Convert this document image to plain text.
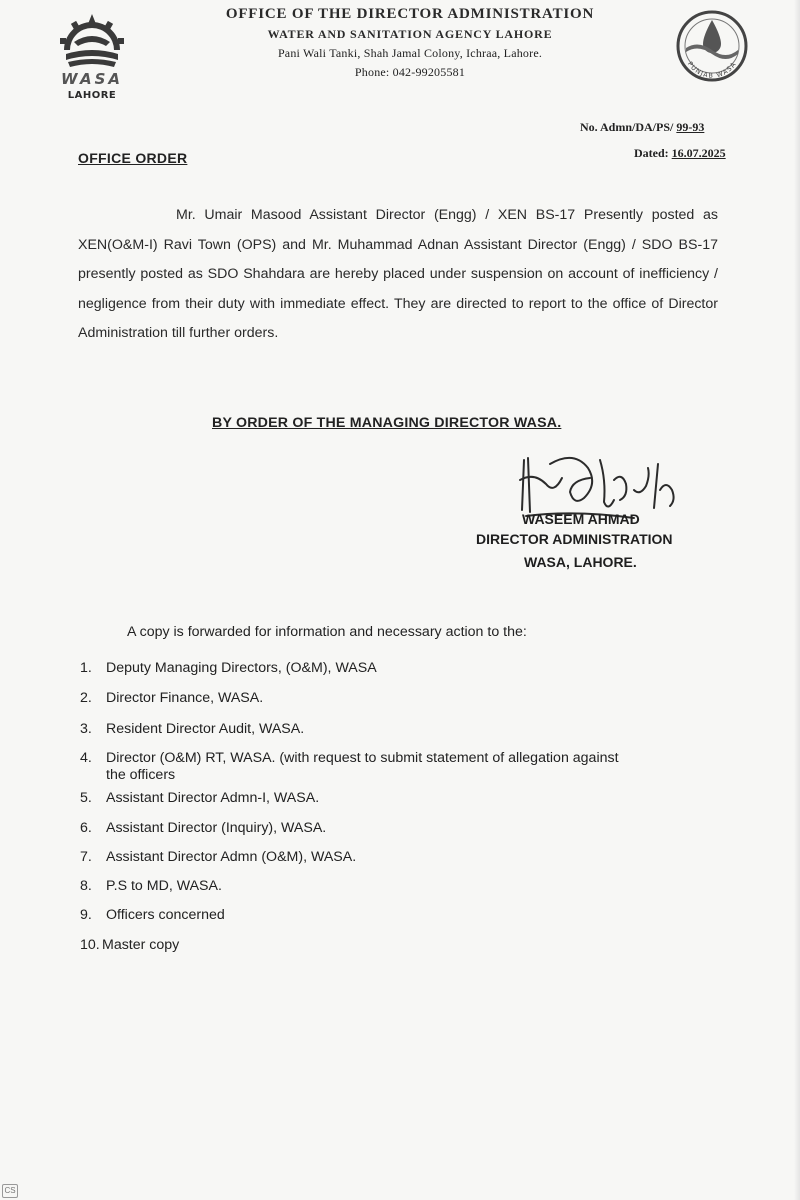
WASA
LAHORE
PUNJAB WASA
OFFICE OF THE DIRECTOR ADMINISTRATION
WATER AND SANITATION AGENCY LAHORE
Pani Wali Tanki, Shah Jamal Colony, Ichraa, Lahore.
Phone: 042-99205581
No. Admn/DA/PS/ 99-93
Dated: 16.07.2025
OFFICE ORDER

Mr. Umair Masood Assistant Director (Engg) / XEN BS-17 Presently posted as XEN(O&M-I) Ravi Town (OPS) and Mr. Muhammad Adnan Assistant Director (Engg) / SDO BS-17 presently posted as SDO Shahdara are hereby placed under suspension on account of inefficiency / negligence from their duty with immediate effect. They are directed to report to the office of Director Administration till further orders.

BY ORDER OF THE MANAGING DIRECTOR WASA.
WASEEM AHMAD
DIRECTOR ADMINISTRATION
WASA, LAHORE.
A copy is forwarded for information and necessary action to the:
1. Deputy Managing Directors, (O&M), WASA
2. Director Finance, WASA.
3. Resident Director Audit, WASA.
4. Director (O&M) RT, WASA. (with request to submit statement of allegation against
the officers
5. Assistant Director Admn-I, WASA.
6. Assistant Director (Inquiry), WASA.
7. Assistant Director Admn (O&M), WASA.
8. P.S to MD, WASA.
9. Officers concerned
10. Master copy
CS
